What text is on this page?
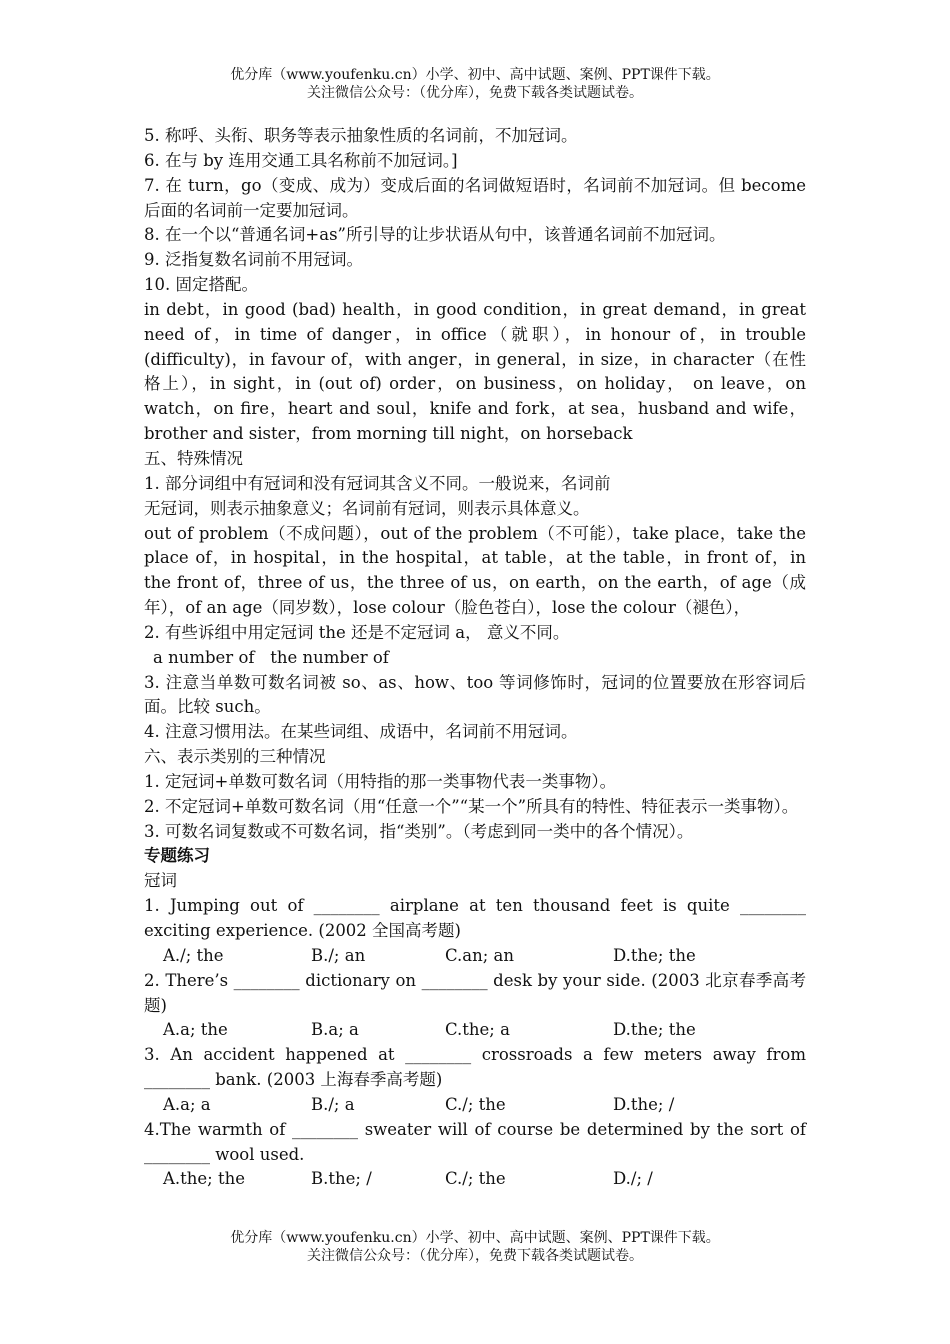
优分库（www.youfenku.cn）小学、初中、高中试题、案例、PPT课件下载。
关注微信公众号：（优分库），免费下载各类试题试卷。

5. 称呼、头衔、职务等表示抽象性质的名词前，不加冠词。

6. 在与 by 连用交通工具名称前不加冠词。]

7. 在 turn，go（变成、成为）变成后面的名词做短语时，名词前不加冠词。但 become 后面的名词前一定要加冠词。

8. 在一个以“普通名词+as”所引导的让步状语从句中，该普通名词前不加冠词。

9. 泛指复数名词前不用冠词。

10. 固定搭配。

in debt，in good (bad) health，in good condition，in great demand，in great need of，in time of danger，in office（就职），in honour of，in trouble (difficulty)，in favour of，with anger，in general，in size，in character（在性格上），in sight，in (out of) order，on business，on holiday， on leave，on watch，on fire，heart and soul，knife and fork，at sea，husband and wife，brother and sister，from morning till night，on horseback

五、特殊情况

1. 部分词组中有冠词和没有冠词其含义不同。一般说来，名词前

无冠词，则表示抽象意义；名词前有冠词，则表示具体意义。

out of problem（不成问题），out of the problem（不可能），take place，take the place of，in hospital，in the hospital，at table，at the table，in front of，in the front of，three of us，the three of us，on earth，on the earth，of age（成年），of an age（同岁数），lose colour（脸色苍白），lose the colour（褪色），

2. 有些诉组中用定冠词 the 还是不定冠词 a， 意义不同。

a number of   the number of

3. 注意当单数可数名词被 so、as、how、too 等词修饰时，冠词的位置要放在形容词后面。比较 such。

4. 注意习惯用法。在某些词组、成语中，名词前不用冠词。

六、表示类别的三种情况

1. 定冠词+单数可数名词（用特指的那一类事物代表一类事物）。

2. 不定冠词+单数可数名词（用“任意一个”“某一个”所具有的特性、特征表示一类事物）。

3. 可数名词复数或不可数名词，指“类别”。（考虑到同一类中的各个情况）。

专题练习

冠词

1. Jumping out of ________ airplane at ten thousand feet is quite ________ exciting experience. (2002 全国高考题)

A./; the	B./; an	C.an; an	D.the; the

2. There’s ________ dictionary on ________ desk by your side. (2003 北京春季高考题)

A.a; the	B.a; a	C.the; a	D.the; the

3. An accident happened at ________ crossroads a few meters away from ________ bank. (2003 上海春季高考题)

A.a; a	B./; a	C./; the	D.the; /

4.The warmth of ________ sweater will of course be determined by the sort of ________ wool used.

A.the; the	B.the; /	C./; the	D./; /
优分库（www.youfenku.cn）小学、初中、高中试题、案例、PPT课件下载。
关注微信公众号：（优分库），免费下载各类试题试卷。
